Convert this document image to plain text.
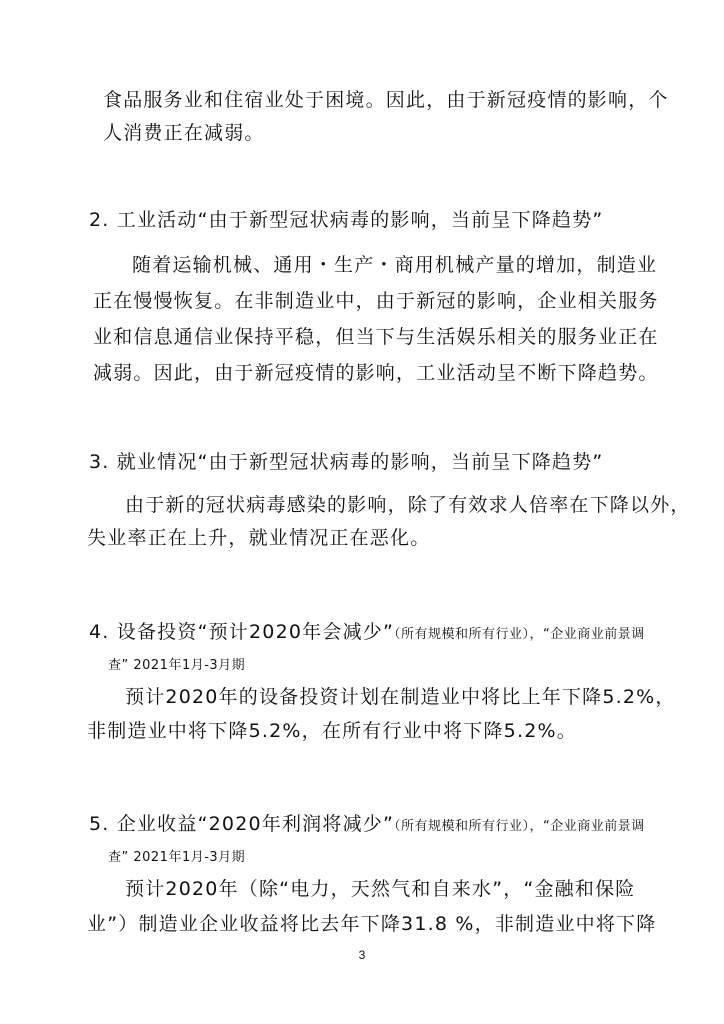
食品服务业和住宿业处于困境。因此，由于新冠疫情的影响，个
人消费正在减弱。
2. 工业活动“由于新型冠状病毒的影响，当前呈下降趋势”
随着运输机械、通用・生产・商用机械产量的增加，制造业
正在慢慢恢复。在非制造业中，由于新冠的影响，企业相关服务
业和信息通信业保持平稳，但当下与生活娱乐相关的服务业正在
减弱。因此，由于新冠疫情的影响，工业活动呈不断下降趋势。
3. 就业情况“由于新型冠状病毒的影响，当前呈下降趋势”
由于新的冠状病毒感染的影响，除了有效求人倍率在下降以外，
失业率正在上升，就业情况正在恶化。
4. 设备投资“预计2020年会减少”（所有规模和所有行业），“企业商业前景调
查” 2021年1月-3月期
预计2020年的设备投资计划在制造业中将比上年下降5.2%，
非制造业中将下降5.2%，在所有行业中将下降5.2%。
5. 企业收益“2020年利润将减少”（所有规模和所有行业），“企业商业前景调
查” 2021年1月-3月期
预计2020年（除“电力，天然气和自来水”，“金融和保险
业”）制造业企业收益将比去年下降31.8 %，非制造业中将下降
3
